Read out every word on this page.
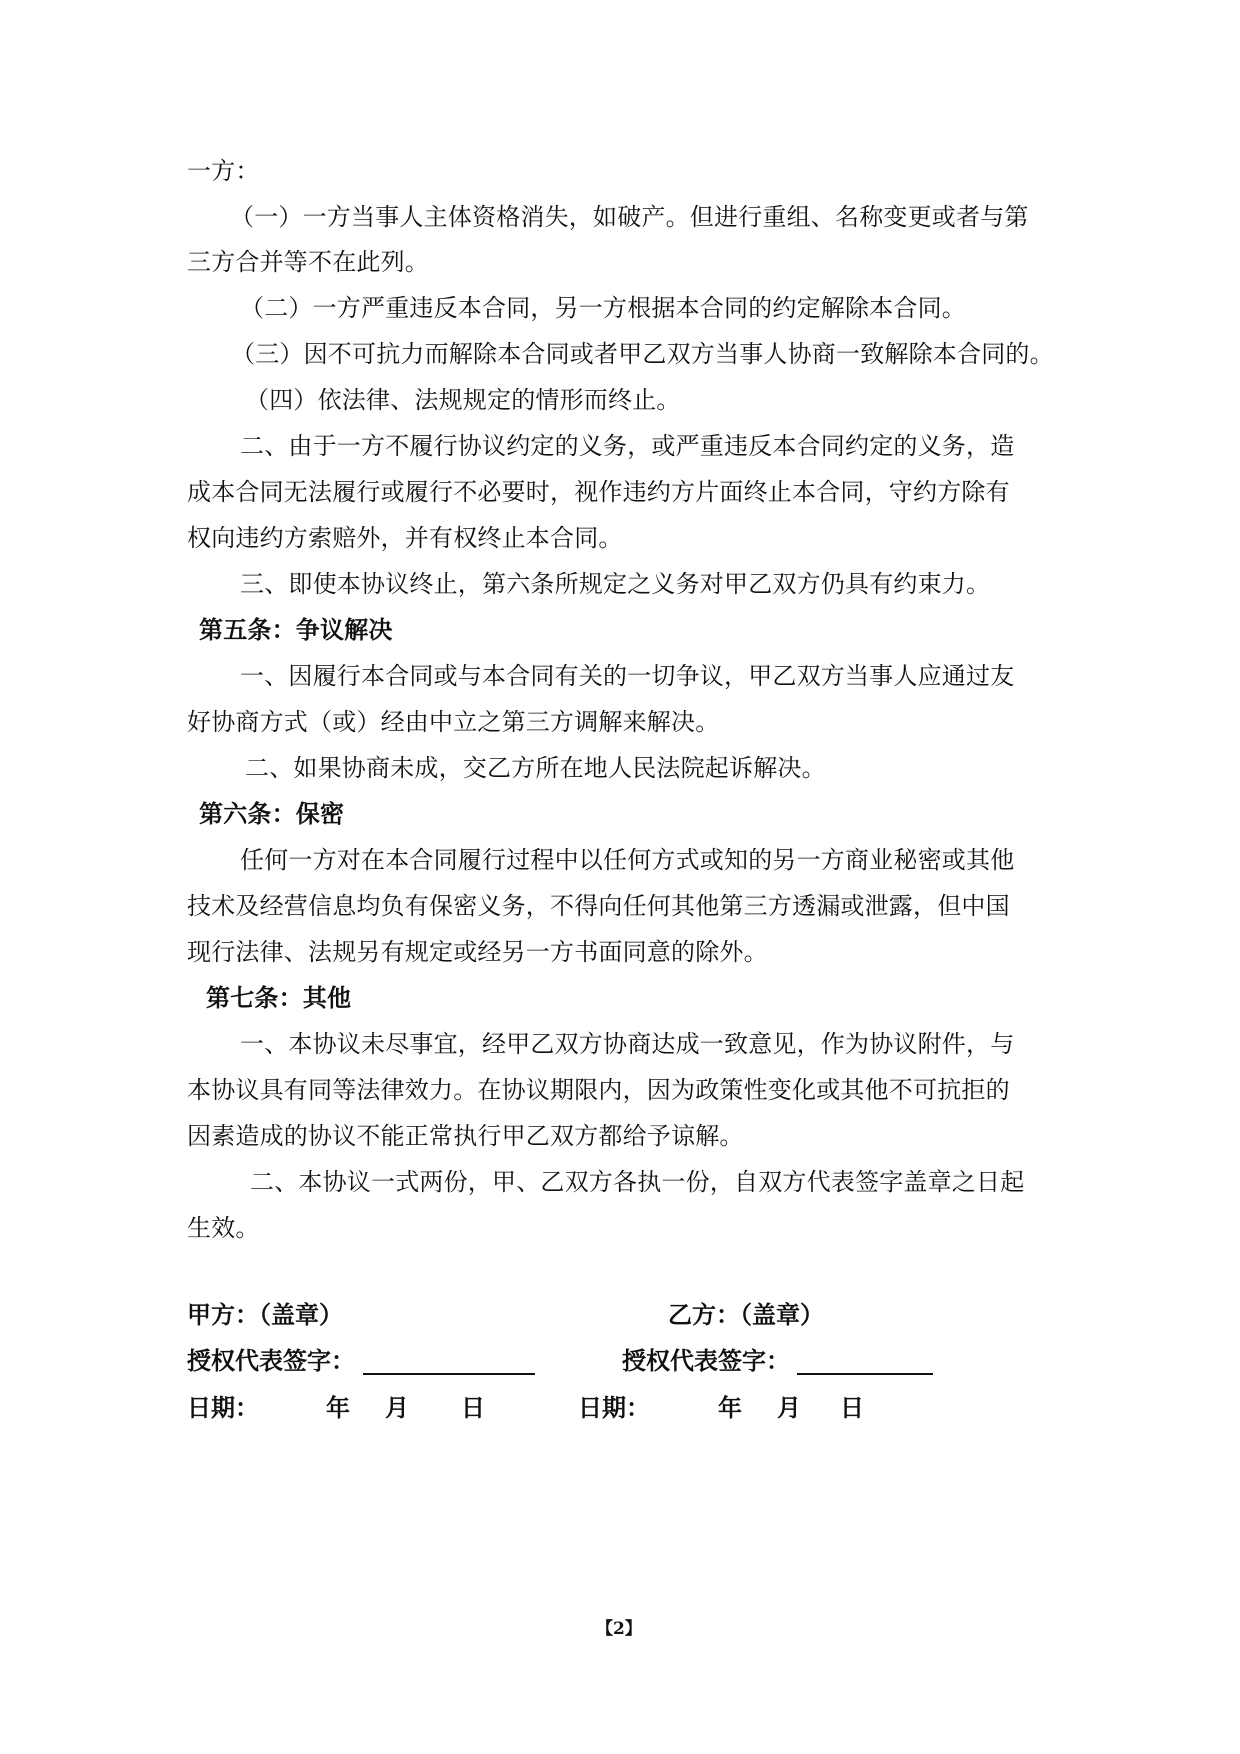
一方：
（一）一方当事人主体资格消失，如破产。但进行重组、名称变更或者与第
三方合并等不在此列。
（二）一方严重违反本合同，另一方根据本合同的约定解除本合同。
（三）因不可抗力而解除本合同或者甲乙双方当事人协商一致解除本合同的。
（四）依法律、法规规定的情形而终止。
二、由于一方不履行协议约定的义务，或严重违反本合同约定的义务，造
成本合同无法履行或履行不必要时，视作违约方片面终止本合同，守约方除有
权向违约方索赔外，并有权终止本合同。
三、即使本协议终止，第六条所规定之义务对甲乙双方仍具有约束力。
第五条：争议解决
一、因履行本合同或与本合同有关的一切争议，甲乙双方当事人应通过友
好协商方式（或）经由中立之第三方调解来解决。
二、如果协商未成，交乙方所在地人民法院起诉解决。
第六条：保密
任何一方对在本合同履行过程中以任何方式或知的另一方商业秘密或其他
技术及经营信息均负有保密义务，不得向任何其他第三方透漏或泄露，但中国
现行法律、法规另有规定或经另一方书面同意的除外。
第七条：其他
一、本协议未尽事宜，经甲乙双方协商达成一致意见，作为协议附件，与
本协议具有同等法律效力。在协议期限内，因为政策性变化或其他不可抗拒的
因素造成的协议不能正常执行甲乙双方都给予谅解。
二、本协议一式两份，甲、乙双方各执一份，自双方代表签字盖章之日起
生效。
甲方：（盖章）	乙方：（盖章）
授权代表签字：	授权代表签字：
日期：	年 月 日	日期：	年 月 日
【2】
